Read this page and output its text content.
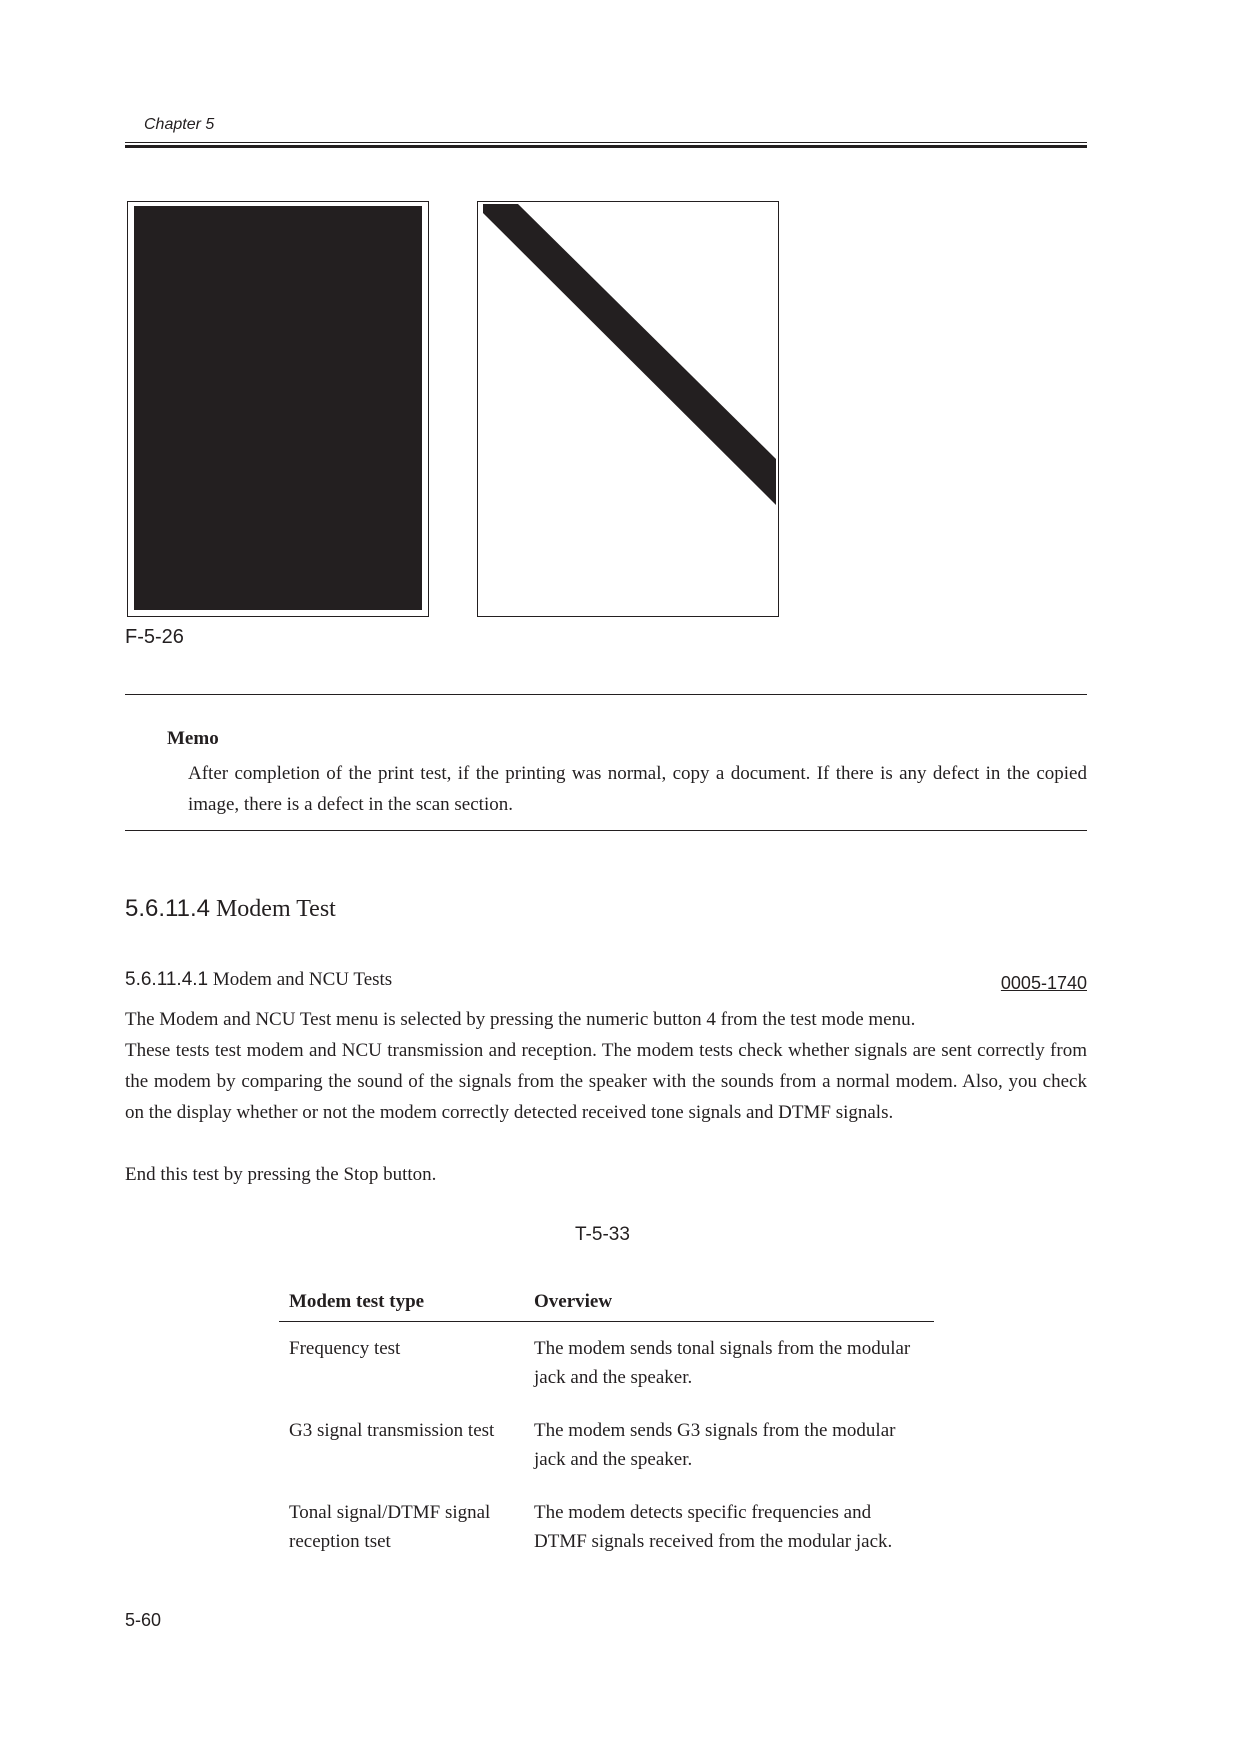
Chapter 5
F-5-26
Memo
After completion of the print test, if the printing was normal, copy a document. If there is any defect in the copied image, there is a defect in the scan section.
5.6.11.4 Modem Test
5.6.11.4.1 Modem and NCU Tests	0005-1740
The Modem and NCU Test menu is selected by pressing the numeric button 4 from the test mode menu.
These tests test modem and NCU transmission and reception. The modem tests check whether signals are sent correctly from the modem by comparing the sound of the signals from the speaker with the sounds from a normal modem. Also, you check on the display whether or not the modem correctly detected received tone signals and DTMF signals.
End this test by pressing the Stop button.
T-5-33
Modem test type	Overview
Frequency test	The modem sends tonal signals from the modular jack and the speaker.
G3 signal transmission test	The modem sends G3 signals from the modular jack and the speaker.
Tonal signal/DTMF signal reception tset	The modem detects specific frequencies and DTMF signals received from the modular jack.
5-60
